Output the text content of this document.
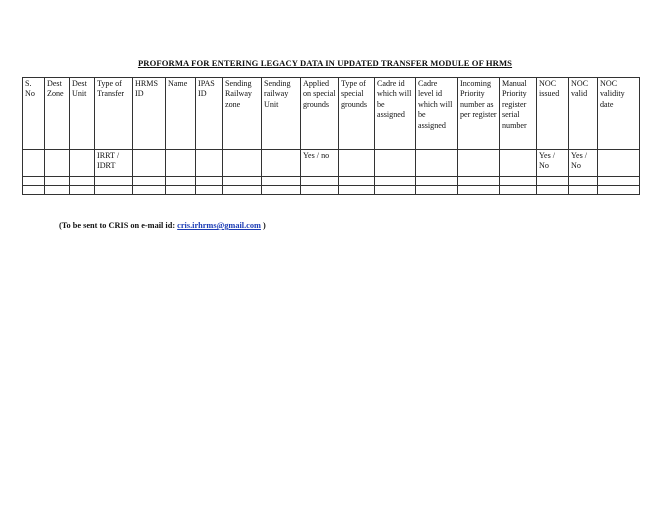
PROFORMA FOR ENTERING LEGACY DATA IN UPDATED TRANSFER MODULE OF HRMS
S. No	Dest Zone	Dest Unit	Type of Transfer	HRMS ID	Name	IPAS ID	Sending Railway zone	Sending railway Unit	Applied on special grounds	Type of special grounds	Cadre id which will be assigned	Cadre level id which will be assigned	Incoming Priority number as per register	Manual Priority register serial number	NOC issued	NOC valid	NOC validity date
			IRRT / IDRT						Yes / no						Yes / No	Yes / No	

(To be sent to CRIS on e-mail id: cris.irhrms@gmail.com )
